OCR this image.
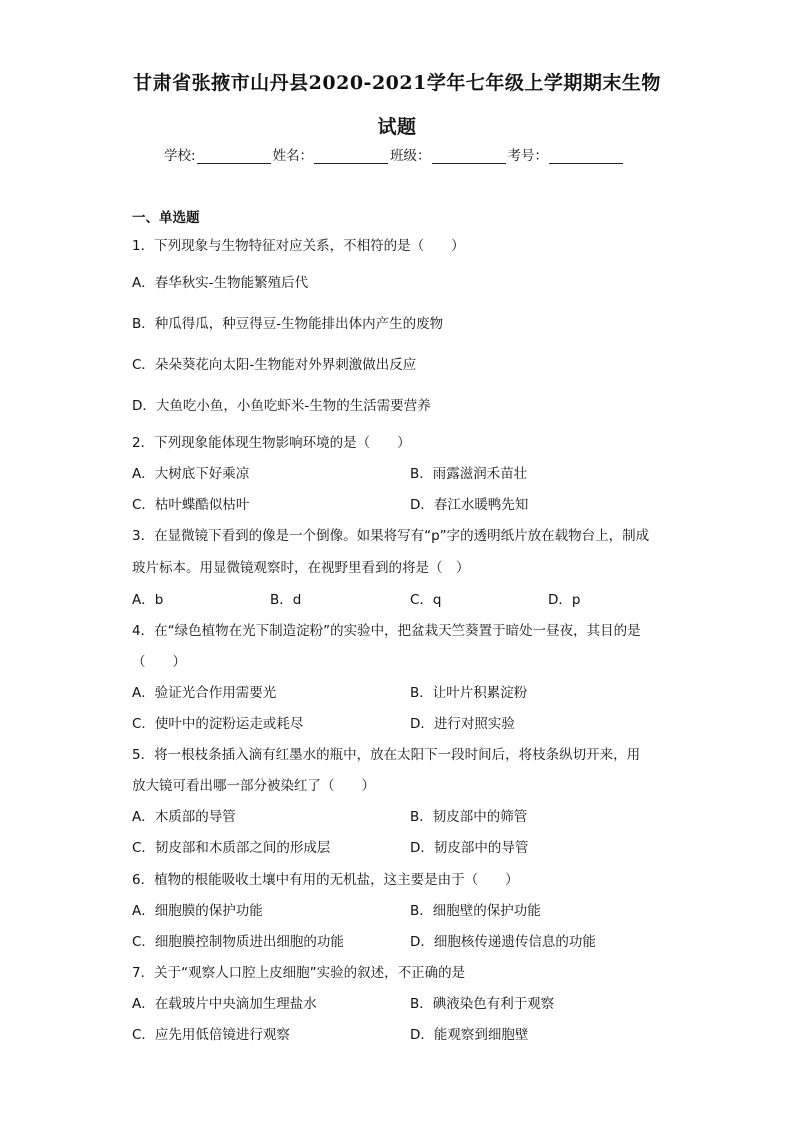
甘肃省张掖市山丹县2020-2021学年七年级上学期期末生物
试题
学校:	姓名：	班级：	考号：
一、单选题
1．下列现象与生物特征对应关系，不相符的是（　　）
A．春华秋实-生物能繁殖后代
B．种瓜得瓜，种豆得豆-生物能排出体内产生的废物
C．朵朵葵花向太阳-生物能对外界刺激做出反应
D．大鱼吃小鱼，小鱼吃虾米-生物的生活需要营养
2．下列现象能体现生物影响环境的是（　　）
A．大树底下好乘凉	B．雨露滋润禾苗壮
C．枯叶蝶酷似枯叶	D．春江水暖鸭先知
3．在显微镜下看到的像是一个倒像。如果将写有“p”字的透明纸片放在载物台上，制成
玻片标本。用显微镜观察时，在视野里看到的将是（　）
A．b	B．d	C．q	D．p
4．在“绿色植物在光下制造淀粉”的实验中，把盆栽天竺葵置于暗处一昼夜，其目的是
（　　）
A．验证光合作用需要光	B．让叶片积累淀粉
C．使叶中的淀粉运走或耗尽	D．进行对照实验
5．将一根枝条插入滴有红墨水的瓶中，放在太阳下一段时间后，将枝条纵切开来，用
放大镜可看出哪一部分被染红了（　　）
A．木质部的导管	B．韧皮部中的筛管
C．韧皮部和木质部之间的形成层	D．韧皮部中的导管
6．植物的根能吸收土壤中有用的无机盐，这主要是由于（　　）
A．细胞膜的保护功能	B．细胞壁的保护功能
C．细胞膜控制物质进出细胞的功能	D．细胞核传递遗传信息的功能
7．关于“观察人口腔上皮细胞”实验的叙述，不正确的是
A．在载玻片中央滴加生理盐水	B．碘液染色有利于观察
C．应先用低倍镜进行观察	D．能观察到细胞壁
